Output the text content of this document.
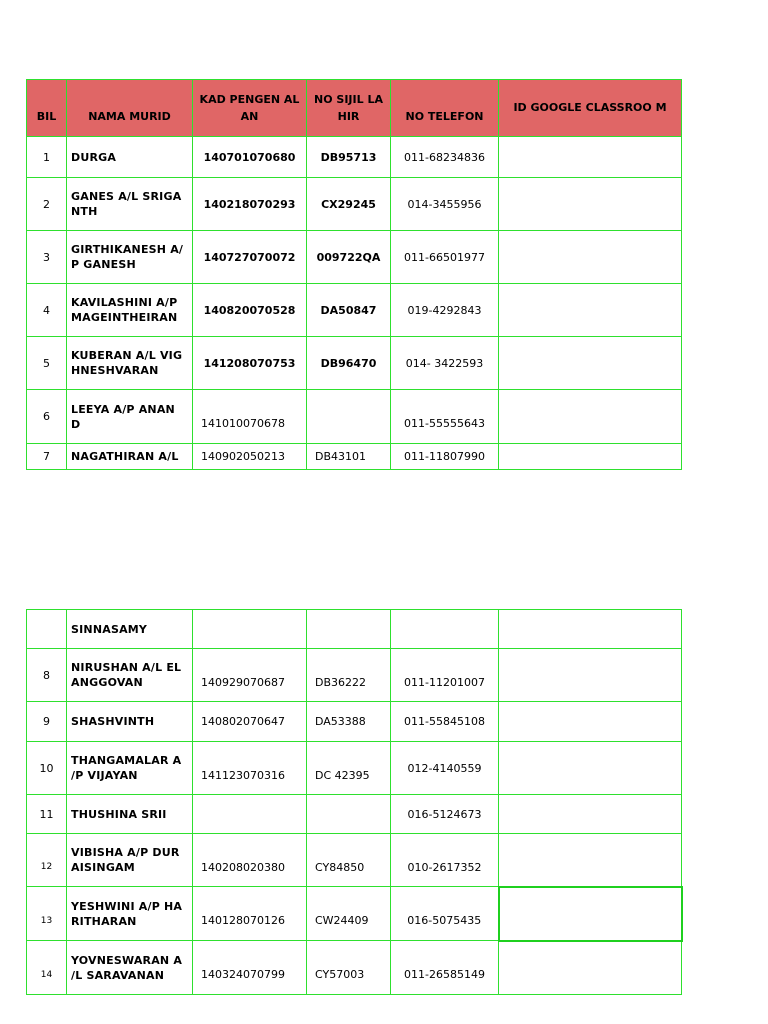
BIL	NAMA MURID	KAD PENGEN ALAN	NO SIJIL LAHIR	NO TELEFON	ID GOOGLE CLASSROO M
1	DURGA	140701070680	DB95713	011-68234836	
2	GANES A/L SRIGA NTH	140218070293	CX29245	014-3455956	
3	GIRTHIKANESH A/ P GANESH	140727070072	009722QA	011-66501977	
4	KAVILASHINI A/P MAGEINTHEIRAN	140820070528	DA50847	019-4292843	
5	KUBERAN A/L VIG HNESHVARAN	141208070753	DB96470	014- 3422593	
6	LEEYA A/P ANAN D	141010070678		011-55555643	
7	NAGATHIRAN A/L	140902050213	DB43101	011-11807990	
	SINNASAMY				
8	NIRUSHAN A/L EL ANGGOVAN	140929070687	DB36222	011-11201007	
9	SHASHVINTH	140802070647	DA53388	011-55845108	
10	THANGAMALAR A /P VIJAYAN	141123070316	DC 42395	012-4140559	
11	THUSHINA SRII			016-5124673	
12	VIBISHA A/P DUR AISINGAM	140208020380	CY84850	010-2617352	
13	YESHWINI A/P HA RITHARAN	140128070126	CW24409	016-5075435	
14	YOVNESWARAN A /L SARAVANAN	140324070799	CY57003	011-26585149	
